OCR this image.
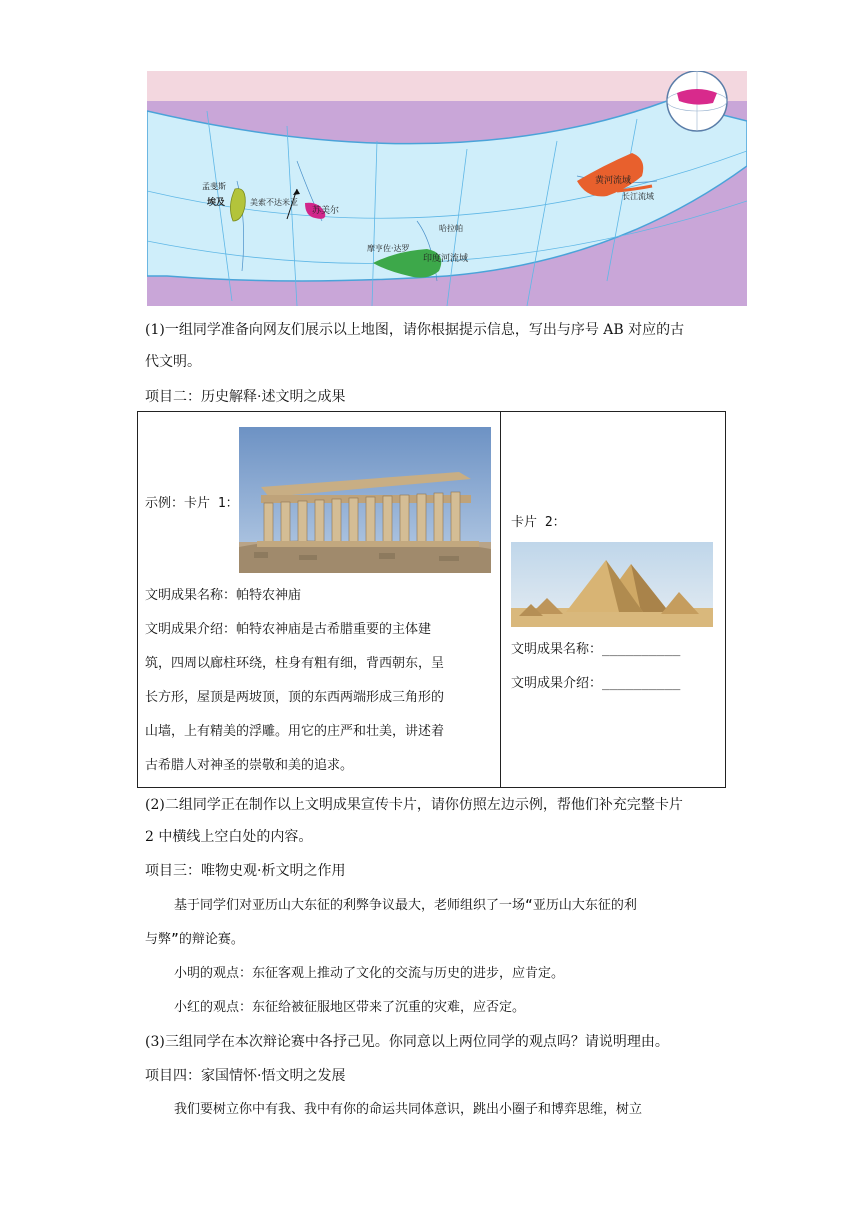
孟斐斯
埃及	美索不达米亚
苏美尔
摩亨佐·达罗
哈拉帕
印度河流域
黄河流域
长江流域
(1)一组同学准备向网友们展示以上地图，请你根据提示信息，写出与序号 AB 对应的古
代文明。
项目二：历史解释·述文明之成果
示例：卡片 1：
文明成果名称：帕特农神庙
文明成果介绍：帕特农神庙是古希腊重要的主体建
筑，四周以廊柱环绕，柱身有粗有细，背西朝东，呈
长方形，屋顶是两坡顶，顶的东西两端形成三角形的
山墙，上有精美的浮雕。用它的庄严和壮美，讲述着
古希腊人对神圣的崇敬和美的追求。

卡片 2：
文明成果名称：__________
文明成果介绍：__________
(2)二组同学正在制作以上文明成果宣传卡片，请你仿照左边示例，帮他们补充完整卡片
2 中横线上空白处的内容。
项目三：唯物史观·析文明之作用
基于同学们对亚历山大东征的利弊争议最大，老师组织了一场“亚历山大东征的利
与弊”的辩论赛。
小明的观点：东征客观上推动了文化的交流与历史的进步，应肯定。
小红的观点：东征给被征服地区带来了沉重的灾难，应否定。
(3)三组同学在本次辩论赛中各抒己见。你同意以上两位同学的观点吗？请说明理由。
项目四：家国情怀·悟文明之发展
我们要树立你中有我、我中有你的命运共同体意识，跳出小圈子和博弈思维，树立
